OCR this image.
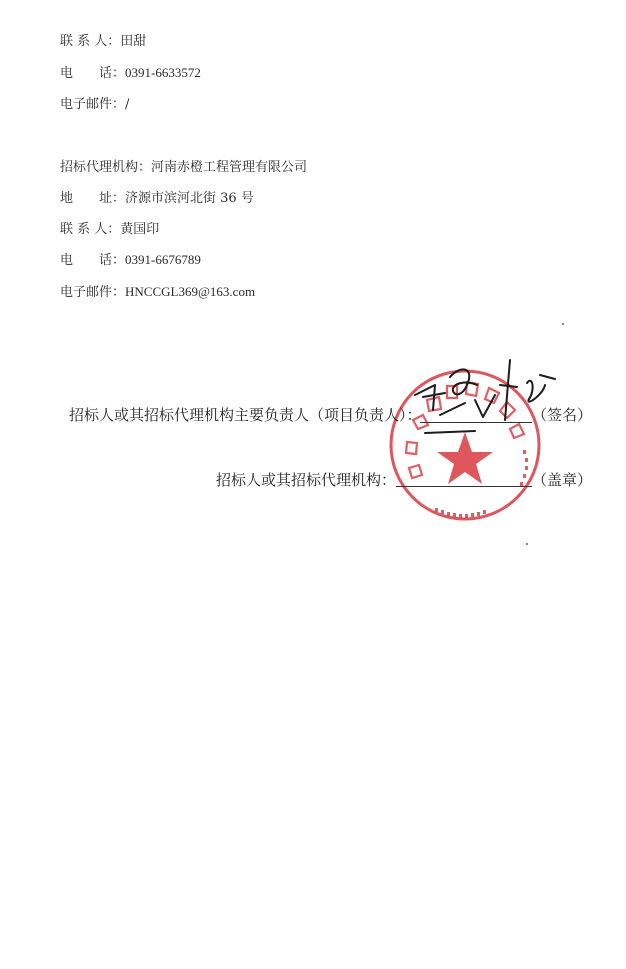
联 系 人：田甜
电　　话：0391-6633572
电子邮件：/
招标代理机构：河南赤橙工程管理有限公司
地　　址：济源市滨河北街 36 号
联 系 人：黄国印
电　　话：0391-6676789
电子邮件：HNCCGL369@163.com
招标人或其招标代理机构主要负责人（项目负责人）：	（签名）
招标人或其招标代理机构：	（盖章）
